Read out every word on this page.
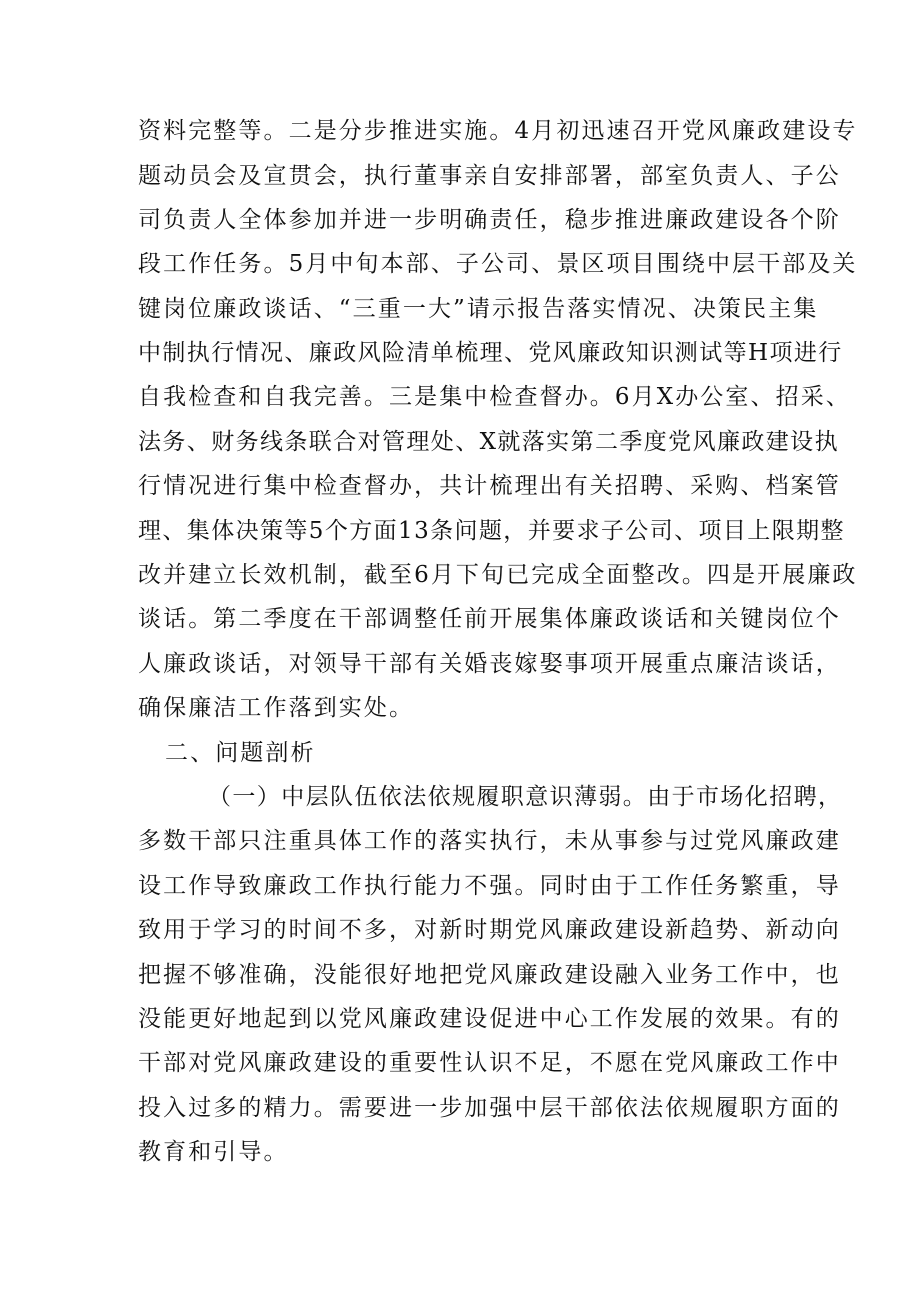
资料完整等。二是分步推进实施。4月初迅速召开党风廉政建设专

题动员会及宣贯会，执行董事亲自安排部署，部室负责人、子公

司负责人全体参加并进一步明确责任，稳步推进廉政建设各个阶

段工作任务。5月中旬本部、子公司、景区项目围绕中层干部及关

键岗位廉政谈话、“三重一大”请示报告落实情况、决策民主集

中制执行情况、廉政风险清单梳理、党风廉政知识测试等H项进行

自我检查和自我完善。三是集中检查督办。6月X办公室、招采、

法务、财务线条联合对管理处、X就落实第二季度党风廉政建设执

行情况进行集中检查督办，共计梳理出有关招聘、采购、档案管

理、集体决策等5个方面13条问题，并要求子公司、项目上限期整

改并建立长效机制，截至6月下旬已完成全面整改。四是开展廉政

谈话。第二季度在干部调整任前开展集体廉政谈话和关键岗位个

人廉政谈话，对领导干部有关婚丧嫁娶事项开展重点廉洁谈话，

确保廉洁工作落到实处。

二、问题剖析

（一）中层队伍依法依规履职意识薄弱。由于市场化招聘，

多数干部只注重具体工作的落实执行，未从事参与过党风廉政建

设工作导致廉政工作执行能力不强。同时由于工作任务繁重，导

致用于学习的时间不多，对新时期党风廉政建设新趋势、新动向

把握不够准确，没能很好地把党风廉政建设融入业务工作中，也

没能更好地起到以党风廉政建设促进中心工作发展的效果。有的

干部对党风廉政建设的重要性认识不足，不愿在党风廉政工作中

投入过多的精力。需要进一步加强中层干部依法依规履职方面的

教育和引导。
